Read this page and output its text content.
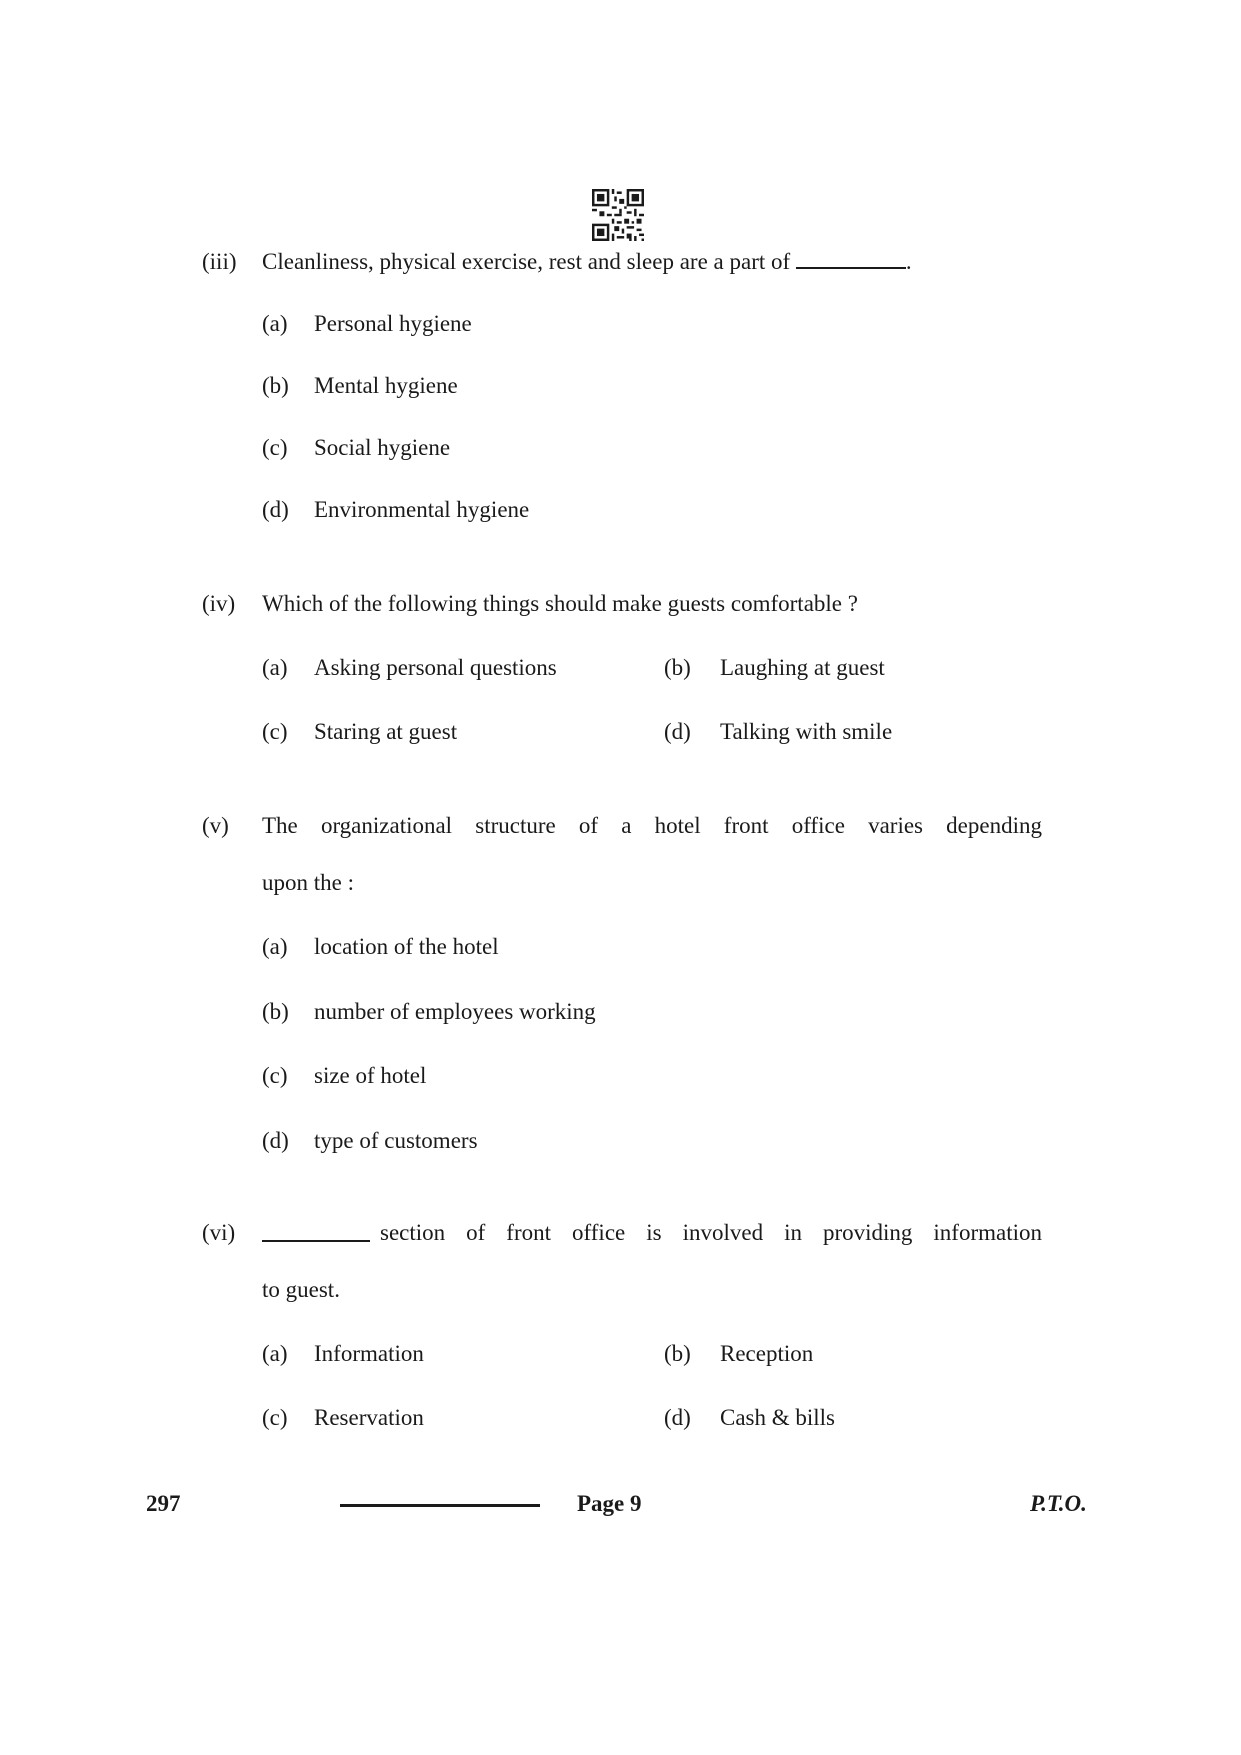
(iii) Cleanliness, physical exercise, rest and sleep are a part of	.
(a) Personal hygiene
(b) Mental hygiene
(c) Social hygiene
(d) Environmental hygiene
(iv) Which of the following things should make guests comfortable ?
(a) Asking personal questions	(b) Laughing at guest
(c) Staring at guest	(d) Talking with smile
(v) The organizational structure of a hotel front office varies depending
upon the :
(a) location of the hotel
(b) number of employees working
(c) size of hotel
(d) type of customers
(vi)	section of front office is involved in providing information
to guest.
(a) Information	(b) Reception
(c) Reservation	(d) Cash & bills
297	Page 9	P.T.O.
